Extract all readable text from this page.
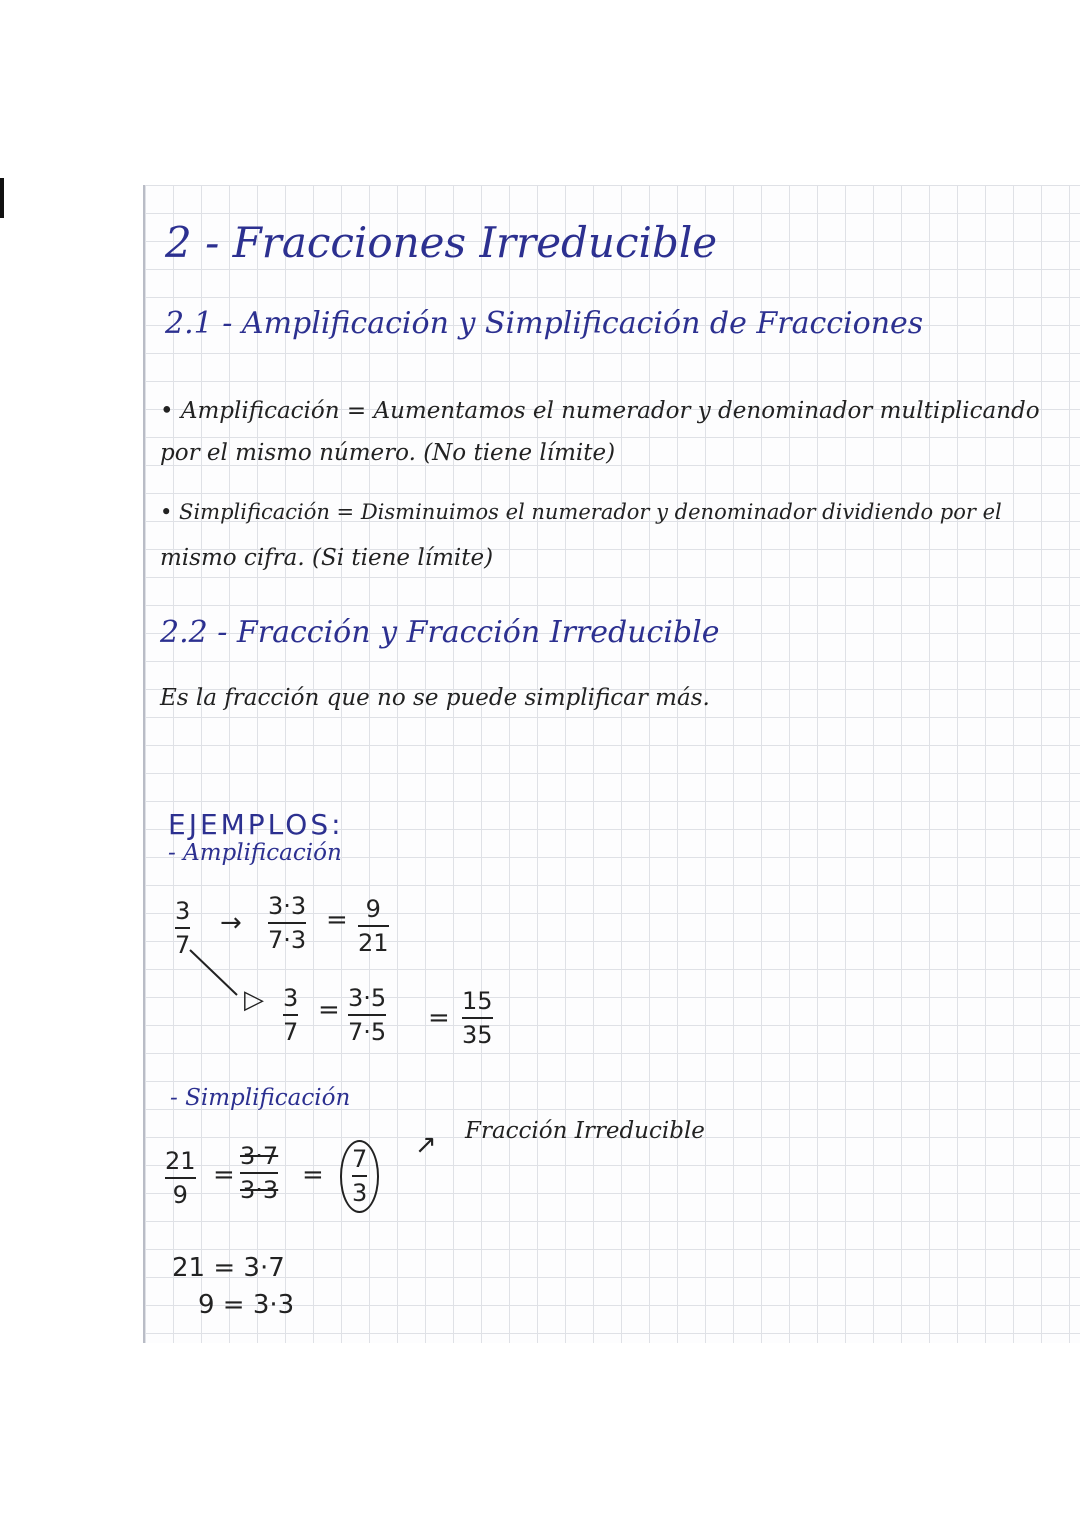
2 - Fracciones Irreducible
2.1 - Amplificación y Simplificación de Fracciones
• Amplificación = Aumentamos el numerador y denominador multiplicando
por el mismo número. (No tiene límite)
• Simplificación = Disminuimos el numerador y denominador dividiendo por el
mismo cifra. (Si tiene límite)
2.2 - Fracción y Fracción Irreducible
Es la fracción que no se puede simplificar más.
EJEMPLOS:
- Amplificación
3
7
→
3·3
7·3
= 9
21
▷ 3
7
= 3·5
7·5 =
15
35
- Simplificación
↗ Fracción Irreducible
21
9
=
3·7
3·3
=
7
3
21 = 3·7
9 = 3·3
